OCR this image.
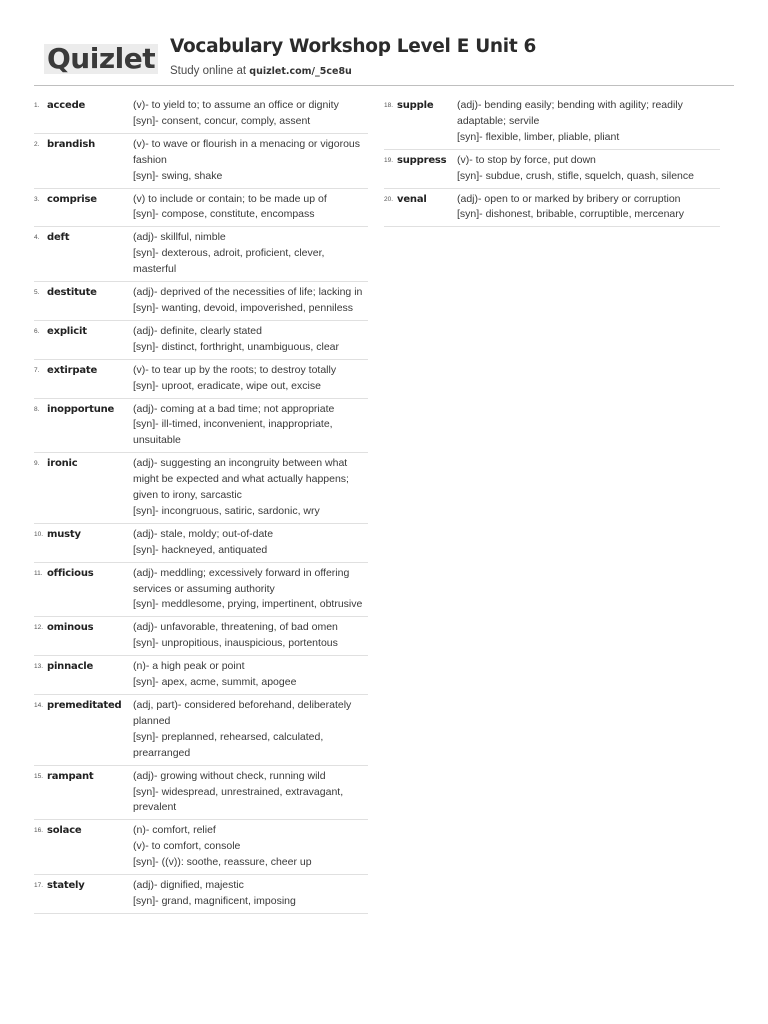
Quizlet Vocabulary Workshop Level E Unit 6
Study online at quizlet.com/_5ce8u
1. accede	(v)- to yield to; to assume an office or dignity
[syn]- consent, concur, comply, assent
2. brandish	(v)- to wave or flourish in a menacing or vigorous fashion
[syn]- swing, shake
3. comprise	(v) to include or contain; to be made up of
[syn]- compose, constitute, encompass
4. deft	(adj)- skillful, nimble
[syn]- dexterous, adroit, proficient, clever, masterful
5. destitute	(adj)- deprived of the necessities of life; lacking in
[syn]- wanting, devoid, impoverished, penniless
6. explicit	(adj)- definite, clearly stated
[syn]- distinct, forthright, unambiguous, clear
7. extirpate	(v)- to tear up by the roots; to destroy totally
[syn]- uproot, eradicate, wipe out, excise
8. inopportune	(adj)- coming at a bad time; not appropriate
[syn]- ill-timed, inconvenient, inappropriate, unsuitable
9. ironic	(adj)- suggesting an incongruity between what might be expected and what actually happens; given to irony, sarcastic
[syn]- incongruous, satiric, sardonic, wry
10. musty	(adj)- stale, moldy; out-of-date
[syn]- hackneyed, antiquated
11. officious	(adj)- meddling; excessively forward in offering services or assuming authority
[syn]- meddlesome, prying, impertinent, obtrusive
12. ominous	(adj)- unfavorable, threatening, of bad omen
[syn]- unpropitious, inauspicious, portentous
13. pinnacle	(n)- a high peak or point
[syn]- apex, acme, summit, apogee
14. premeditated	(adj, part)- considered beforehand, deliberately planned
[syn]- preplanned, rehearsed, calculated, prearranged
15. rampant	(adj)- growing without check, running wild
[syn]- widespread, unrestrained, extravagant, prevalent
16. solace	(n)- comfort, relief
(v)- to comfort, console
[syn]- ((v)): soothe, reassure, cheer up
17. stately	(adj)- dignified, majestic
[syn]- grand, magnificent, imposing
18. supple	(adj)- bending easily; bending with agility; readily adaptable; servile
[syn]- flexible, limber, pliable, pliant
19. suppress	(v)- to stop by force, put down
[syn]- subdue, crush, stifle, squelch, quash, silence
20. venal	(adj)- open to or marked by bribery or corruption
[syn]- dishonest, bribable, corruptible, mercenary
